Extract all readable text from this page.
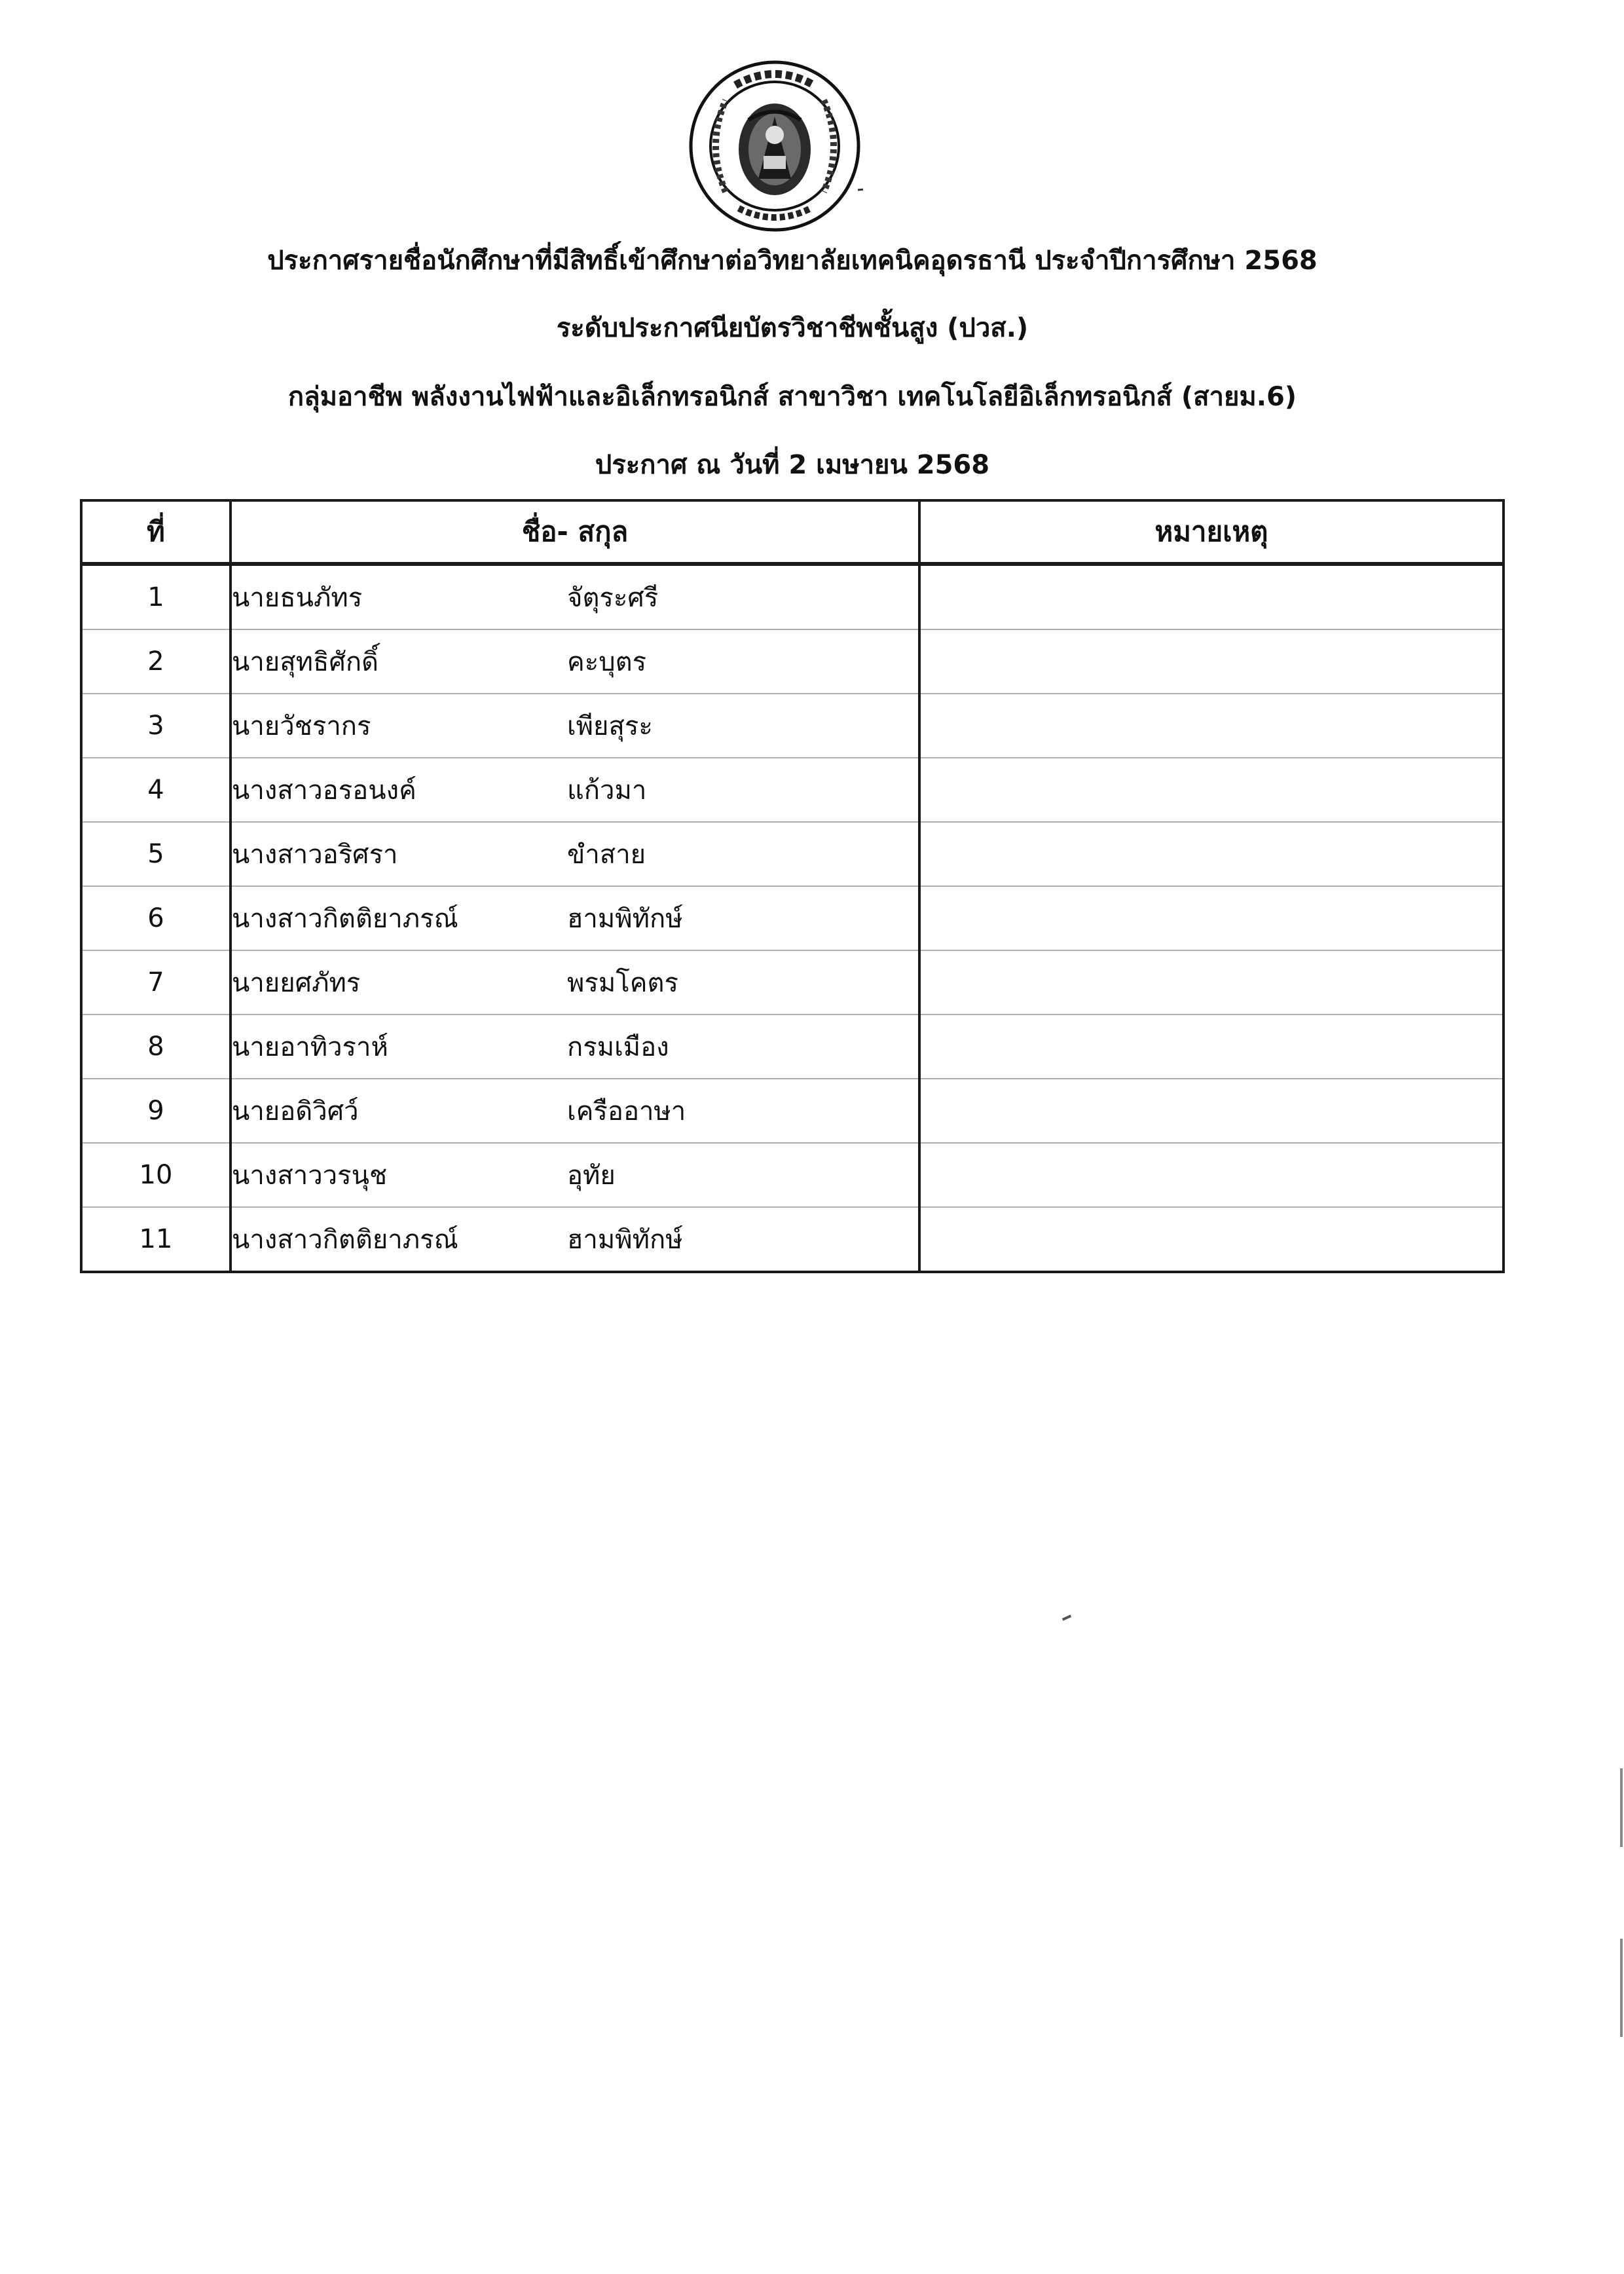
ประกาศรายชื่อนักศึกษาที่มีสิทธิ์เข้าศึกษาต่อวิทยาลัยเทคนิคอุดรธานี ประจำปีการศึกษา 2568
ระดับประกาศนียบัตรวิชาชีพชั้นสูง (ปวส.)
กลุ่มอาชีพ พลังงานไฟฟ้าและอิเล็กทรอนิกส์ สาขาวิชา เทคโนโลยีอิเล็กทรอนิกส์ (สายม.6)
ประกาศ ณ วันที่ 2 เมษายน 2568
ที่	ชื่อ- สกุล	หมายเหตุ
1	นายธนภัทร จัตุระศรี	
2	นายสุทธิศักดิ์ คะบุตร	
3	นายวัชรากร เพียสุระ	
4	นางสาวอรอนงค์ แก้วมา	
5	นางสาวอริศรา ขำสาย	
6	นางสาวกิตติยาภรณ์ ฮามพิทักษ์	
7	นายยศภัทร พรมโคตร	
8	นายอาทิวราห์ กรมเมือง	
9	นายอดิวิศว์ เครืออาษา	
10	นางสาววรนุช อุทัย	
11	นางสาวกิตติยาภรณ์ ฮามพิทักษ์	
